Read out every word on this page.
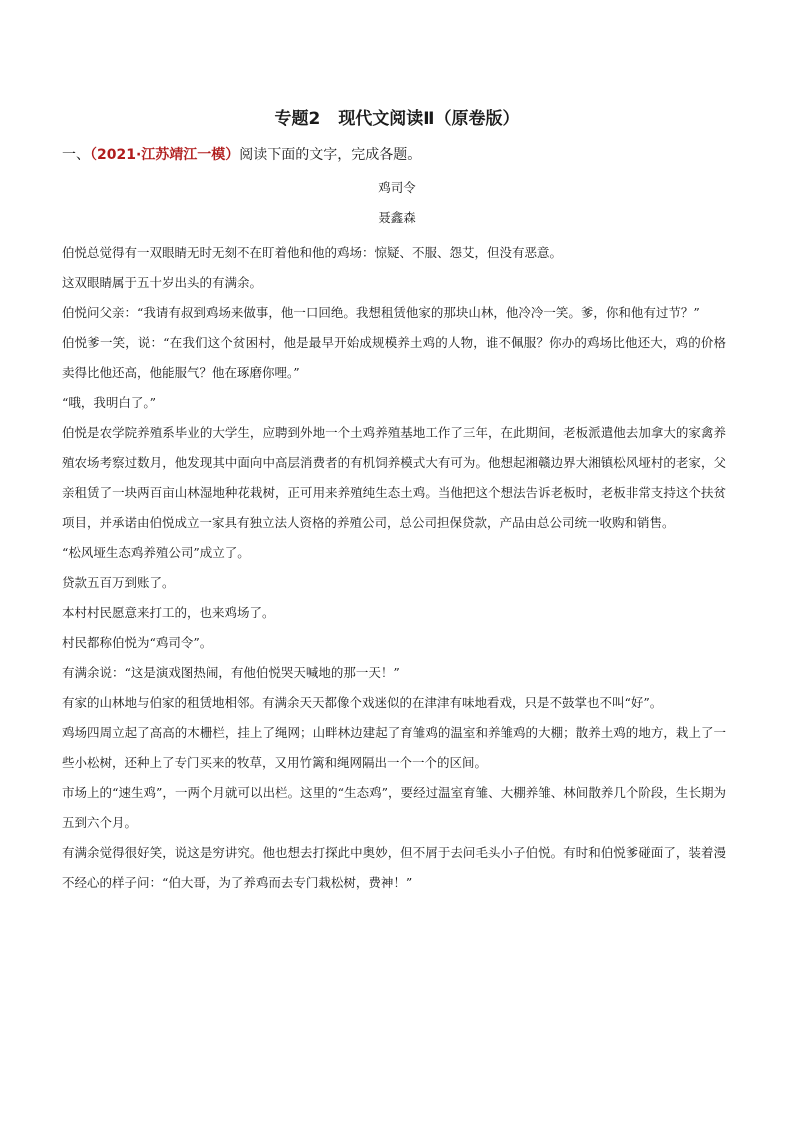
专题2 现代文阅读Ⅱ（原卷版）
一、（2021·江苏靖江一模）阅读下面的文字，完成各题。
鸡司令
聂鑫森

伯悦总觉得有一双眼睛无时无刻不在盯着他和他的鸡场：惊疑、不服、怨艾，但没有恶意。

这双眼睛属于五十岁出头的有满余。

伯悦问父亲：“我请有叔到鸡场来做事，他一口回绝。我想租赁他家的那块山林，他冷冷一笑。爹，你和他有过节？”

伯悦爹一笑，说：“在我们这个贫困村，他是最早开始成规模养土鸡的人物，谁不佩服？你办的鸡场比他还大，鸡的价格卖得比他还高，他能服气？他在琢磨你哩。”

“哦，我明白了。”

伯悦是农学院养殖系毕业的大学生，应聘到外地一个土鸡养殖基地工作了三年，在此期间，老板派遣他去加拿大的家禽养殖农场考察过数月，他发现其中面向中高层消费者的有机饲养模式大有可为。他想起湘赣边界大湘镇松风垭村的老家，父亲租赁了一块两百亩山林湿地种花栽树，正可用来养殖纯生态土鸡。当他把这个想法告诉老板时，老板非常支持这个扶贫项目，并承诺由伯悦成立一家具有独立法人资格的养殖公司，总公司担保贷款，产品由总公司统一收购和销售。

“松风垭生态鸡养殖公司”成立了。

贷款五百万到账了。

本村村民愿意来打工的，也来鸡场了。

村民都称伯悦为“鸡司令”。

有满余说：“这是演戏图热闹，有他伯悦哭天喊地的那一天！”

有家的山林地与伯家的租赁地相邻。有满余天天都像个戏迷似的在津津有味地看戏，只是不鼓掌也不叫“好”。

鸡场四周立起了高高的木栅栏，挂上了绳网；山畔林边建起了育雏鸡的温室和养雏鸡的大棚；散养土鸡的地方，栽上了一些小松树，还种上了专门买来的牧草，又用竹篱和绳网隔出一个一个的区间。

市场上的“速生鸡”，一两个月就可以出栏。这里的“生态鸡”，要经过温室育雏、大棚养雏、林间散养几个阶段，生长期为五到六个月。

有满余觉得很好笑，说这是穷讲究。他也想去打探此中奥妙，但不屑于去问毛头小子伯悦。有时和伯悦爹碰面了，装着漫不经心的样子问：“伯大哥，为了养鸡而去专门栽松树，费神！”
